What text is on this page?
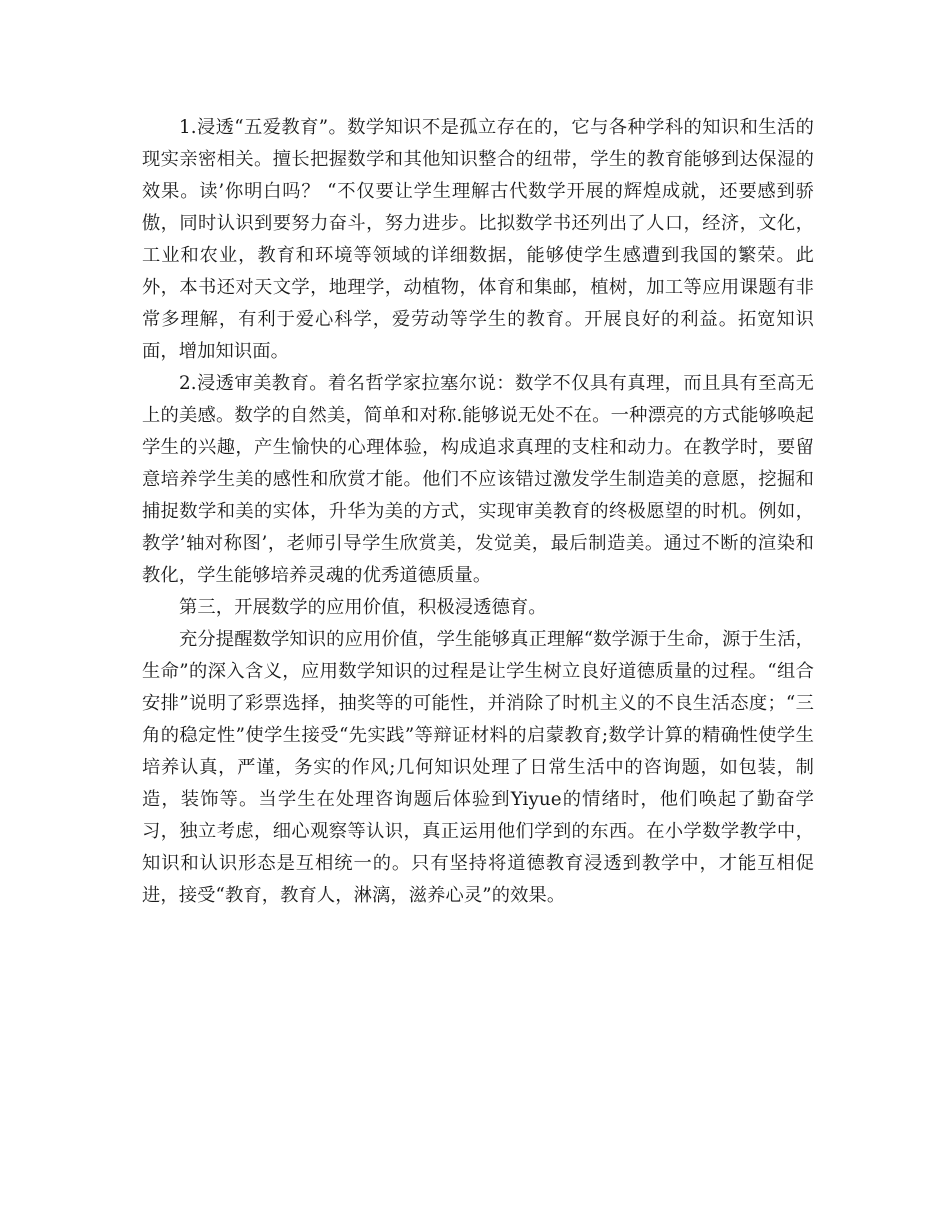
1.浸透“五爱教育”。数学知识不是孤立存在的，它与各种学科的知识和生活的现实亲密相关。擅长把握数学和其他知识整合的纽带，学生的教育能够到达保湿的效果。读’你明白吗？ “不仅要让学生理解古代数学开展的辉煌成就，还要感到骄傲，同时认识到要努力奋斗，努力进步。比拟数学书还列出了人口，经济，文化，工业和农业，教育和环境等领域的详细数据，能够使学生感遭到我国的繁荣。此外，本书还对天文学，地理学，动植物，体育和集邮，植树，加工等应用课题有非常多理解，有利于爱心科学，爱劳动等学生的教育。开展良好的利益。拓宽知识面，增加知识面。

2.浸透审美教育。着名哲学家拉塞尔说：数学不仅具有真理，而且具有至高无上的美感。数学的自然美，简单和对称.能够说无处不在。一种漂亮的方式能够唤起学生的兴趣，产生愉快的心理体验，构成追求真理的支柱和动力。在教学时，要留意培养学生美的感性和欣赏才能。他们不应该错过激发学生制造美的意愿，挖掘和捕捉数学和美的实体，升华为美的方式，实现审美教育的终极愿望的时机。例如，教学’轴对称图’，老师引导学生欣赏美，发觉美，最后制造美。通过不断的渲染和教化，学生能够培养灵魂的优秀道德质量。

第三，开展数学的应用价值，积极浸透德育。

充分提醒数学知识的应用价值，学生能够真正理解“数学源于生命，源于生活，生命”的深入含义，应用数学知识的过程是让学生树立良好道德质量的过程。“组合安排”说明了彩票选择，抽奖等的可能性，并消除了时机主义的不良生活态度；“三角的稳定性”使学生接受“先实践”等辩证材料的启蒙教育;数学计算的精确性使学生培养认真，严谨，务实的作风;几何知识处理了日常生活中的咨询题，如包装，制造，装饰等。当学生在处理咨询题后体验到Yiyue的情绪时，他们唤起了勤奋学习，独立考虑，细心观察等认识，真正运用他们学到的东西。在小学数学教学中，知识和认识形态是互相统一的。只有坚持将道德教育浸透到教学中，才能互相促进，接受“教育，教育人，淋漓，滋养心灵”的效果。
